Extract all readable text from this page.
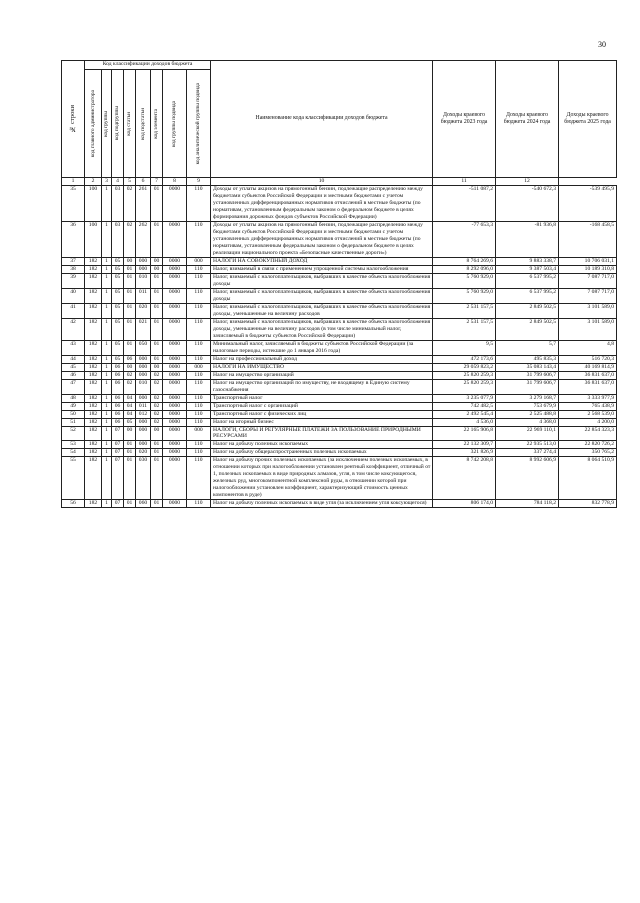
30
№ строки	Код классификации доходов бюджета								Наименование кода классификации доходов бюджета	Доходы краевого бюджета 2023 года	Доходы краевого бюджета 2024 года	Доходы краевого бюджета 2025 года

	код главного администратора	код группы	код подгруппы	код статьи	код подстатьи	код элемента	код группы подвида	код аналитической группы подвида				

1	2	3	4	5	6	7	8	9	10	11	12	
35	100	1	03	02	261	01	0000	110	Доходы от уплаты акцизов на прямогонный бензин, подлежащие распределению между бюджетами субъектов Российской Федерации и местными бюджетами с учетом установленных дифференцированных нормативов отчислений в местные бюджеты (по нормативам, установленным федеральным законом о федеральном бюджете в целях формирования дорожных фондов субъектов Российской Федерации)	-511 087,2	-540 672,3	-539 495,9
36	100	1	03	02	262	01	0000	110	Доходы от уплаты акцизов на прямогонный бензин, подлежащие распределению между бюджетами субъектов Российской Федерации и местными бюджетами с учетом установленных дифференцированных нормативов отчислений в местные бюджеты (по нормативам, установленным федеральным законом о федеральном бюджете в целях реализации национального проекта «Безопасные качественные дороги»)	-77 653,3	-81 936,8	-168 458,5
37	182	1	05	00	000	00	0000	000	НАЛОГИ НА СОВОКУПНЫЙ ДОХОД	8 764 269,6	9 883 338,7	10 706 031,1
38	182	1	05	01	000	00	0000	110	Налог, взимаемый в связи с применением упрощенной системы налогообложения	8 292 096,0	9 387 503,4	10 189 310,8
39	182	1	05	01	010	01	0000	110	Налог, взимаемый с налогоплательщиков, выбравших в качестве объекта налогообложения доходы	5 760 929,0	6 537 995,2	7 087 717,0
40	182	1	05	01	011	01	0000	110	Налог, взимаемый с налогоплательщиков, выбравших в качестве объекта налогообложения доходы	5 760 929,0	6 537 995,2	7 087 717,0
41	182	1	05	01	020	01	0000	110	Налог, взимаемый с налогоплательщиков, выбравших в качестве объекта налогообложения доходы, уменьшенные на величину расходов	2 531 157,5	2 849 502,5	3 101 589,0
42	182	1	05	01	021	01	0000	110	Налог, взимаемый с налогоплательщиков, выбравших в качестве объекта налогообложения доходы, уменьшенные на величину расходов (в том числе минимальный налог, зачисляемый в бюджеты субъектов Российской Федерации)	2 531 157,5	2 849 502,5	3 101 589,0
43	182	1	05	01	050	01	0000	110	Минимальный налог, зачисляемый в бюджеты субъектов Российской Федерации (за налоговые периоды, истекшие до 1 января 2016 года)	9,5	5,7	4,8
44	182	1	05	06	000	01	0000	110	Налог на профессиональный доход	472 173,6	495 835,3	516 720,3
45	182	1	06	00	000	00	0000	000	НАЛОГИ НА ИМУЩЕСТВО	29 059 823,2	35 083 143,4	40 169 814,9
46	182	1	06	02	000	02	0000	110	Налог на имущество организаций	25 820 259,3	31 799 606,7	36 831 637,0
47	182	1	06	02	010	02	0000	110	Налог на имущество организаций по имуществу, не входящему в Единую систему газоснабжения	25 820 259,3	31 799 606,7	36 831 637,0
48	182	1	06	04	000	02	0000	110	Транспортный налог	3 235 077,9	3 279 168,7	3 333 977,9
49	182	1	06	04	011	02	0000	110	Транспортный налог с организаций	742 482,5	753 679,9	765 438,9
50	182	1	06	04	012	02	0000	110	Транспортный налог с физических лиц	2 492 545,4	2 525 488,8	2 568 539,0
51	182	1	06	05	000	02	0000	110	Налог на игорный бизнес	4 536,0	4 368,0	4 200,0
52	182	1	07	00	000	00	0000	000	НАЛОГИ, СБОРЫ И РЕГУЛЯРНЫЕ ПЛАТЕЖИ ЗА ПОЛЬЗОВАНИЕ ПРИРОДНЫМИ РЕСУРСАМИ	22 165 906,8	22 969 110,1	22 854 323,3
53	182	1	07	01	000	01	0000	110	Налог на добычу полезных ископаемых	22 132 309,7	22 935 513,0	22 820 726,2
54	182	1	07	01	020	01	0000	110	Налог на добычу общераспространенных полезных ископаемых	321 826,9	337 274,4	350 765,2
55	182	1	07	01	030	01	0000	110	Налог на добычу прочих полезных ископаемых (за исключением полезных ископаемых, в отношении которых при налогообложении установлен рентный коэффициент, отличный от 1, полезных ископаемых в виде природных алмазов, угля, в том числе коксующегося, железных руд, многокомпонентной комплексной руды, в отношении которой при налогообложении установлен коэффициент, характеризующий стоимость ценных компонентов в руде)	8 742 208,8	8 992 606,9	8 064 510,9
56	182	1	07	01	060	01	0000	110	Налог на добычу полезных ископаемых в виде угля (за исключением угля коксующегося)	806 174,0	784 118,2	832 778,9
